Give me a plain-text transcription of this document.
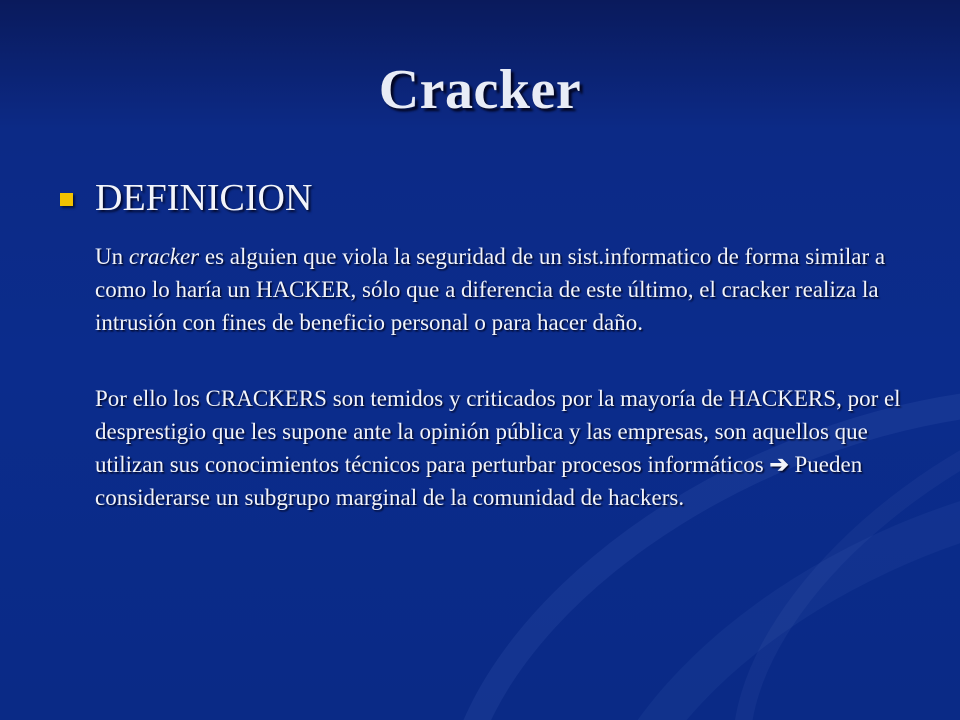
Cracker
DEFINICION

Un cracker es alguien que viola la seguridad de un sist.informatico de forma similar a como lo haría un HACKER, sólo que a diferencia de este último, el cracker realiza la intrusión con fines de beneficio personal o para hacer daño.

Por ello los CRACKERS son temidos y criticados por la mayoría de HACKERS, por el desprestigio que les supone ante la opinión pública y las empresas, son aquellos que utilizan sus conocimientos técnicos para perturbar procesos informáticos ➔ Pueden considerarse un subgrupo marginal de la comunidad de hackers.
